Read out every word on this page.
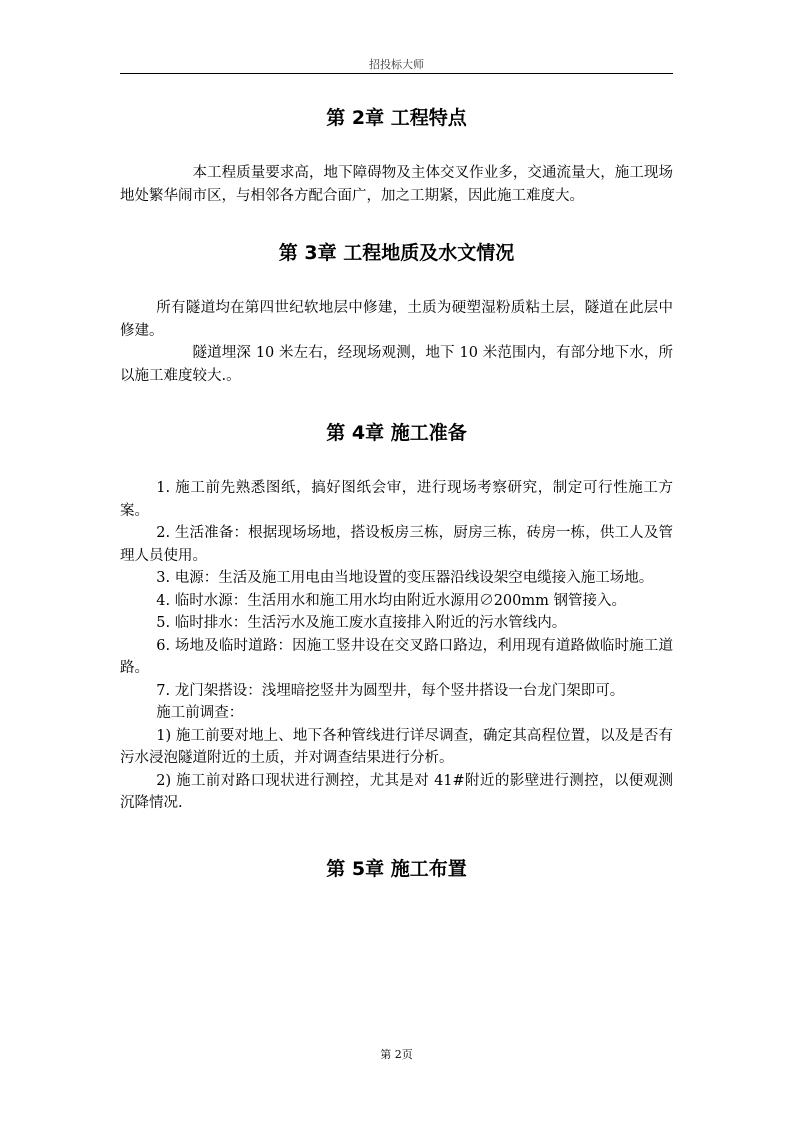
招投标大师
第 2章 工程特点

本工程质量要求高，地下障碍物及主体交叉作业多，交通流量大，施工现场地处繁华闹市区，与相邻各方配合面广，加之工期紧，因此施工难度大。

第 3章 工程地质及水文情况

所有隧道均在第四世纪软地层中修建，土质为硬塑湿粉质粘土层，隧道在此层中修建。

隧道埋深 10 米左右，经现场观测，地下 10 米范围内，有部分地下水，所以施工难度较大.。

第 4章 施工准备

1. 施工前先熟悉图纸，搞好图纸会审，进行现场考察研究，制定可行性施工方案。

2. 生活准备：根据现场场地，搭设板房三栋，厨房三栋，砖房一栋，供工人及管理人员使用。

3. 电源：生活及施工用电由当地设置的变压器沿线设架空电缆接入施工场地。

4. 临时水源：生活用水和施工用水均由附近水源用∅200mm 钢管接入。

5. 临时排水：生活污水及施工废水直接排入附近的污水管线内。

6. 场地及临时道路：因施工竖井设在交叉路口路边，利用现有道路做临时施工道路。

7. 龙门架搭设：浅埋暗挖竖井为圆型井，每个竖井搭设一台龙门架即可。

施工前调查：

1) 施工前要对地上、地下各种管线进行详尽调查，确定其高程位置，以及是否有污水浸泡隧道附近的土质，并对调查结果进行分析。

2) 施工前对路口现状进行测控，尤其是对 41#附近的影壁进行测控，以便观测沉降情况.

第 5章 施工布置
第 2页
